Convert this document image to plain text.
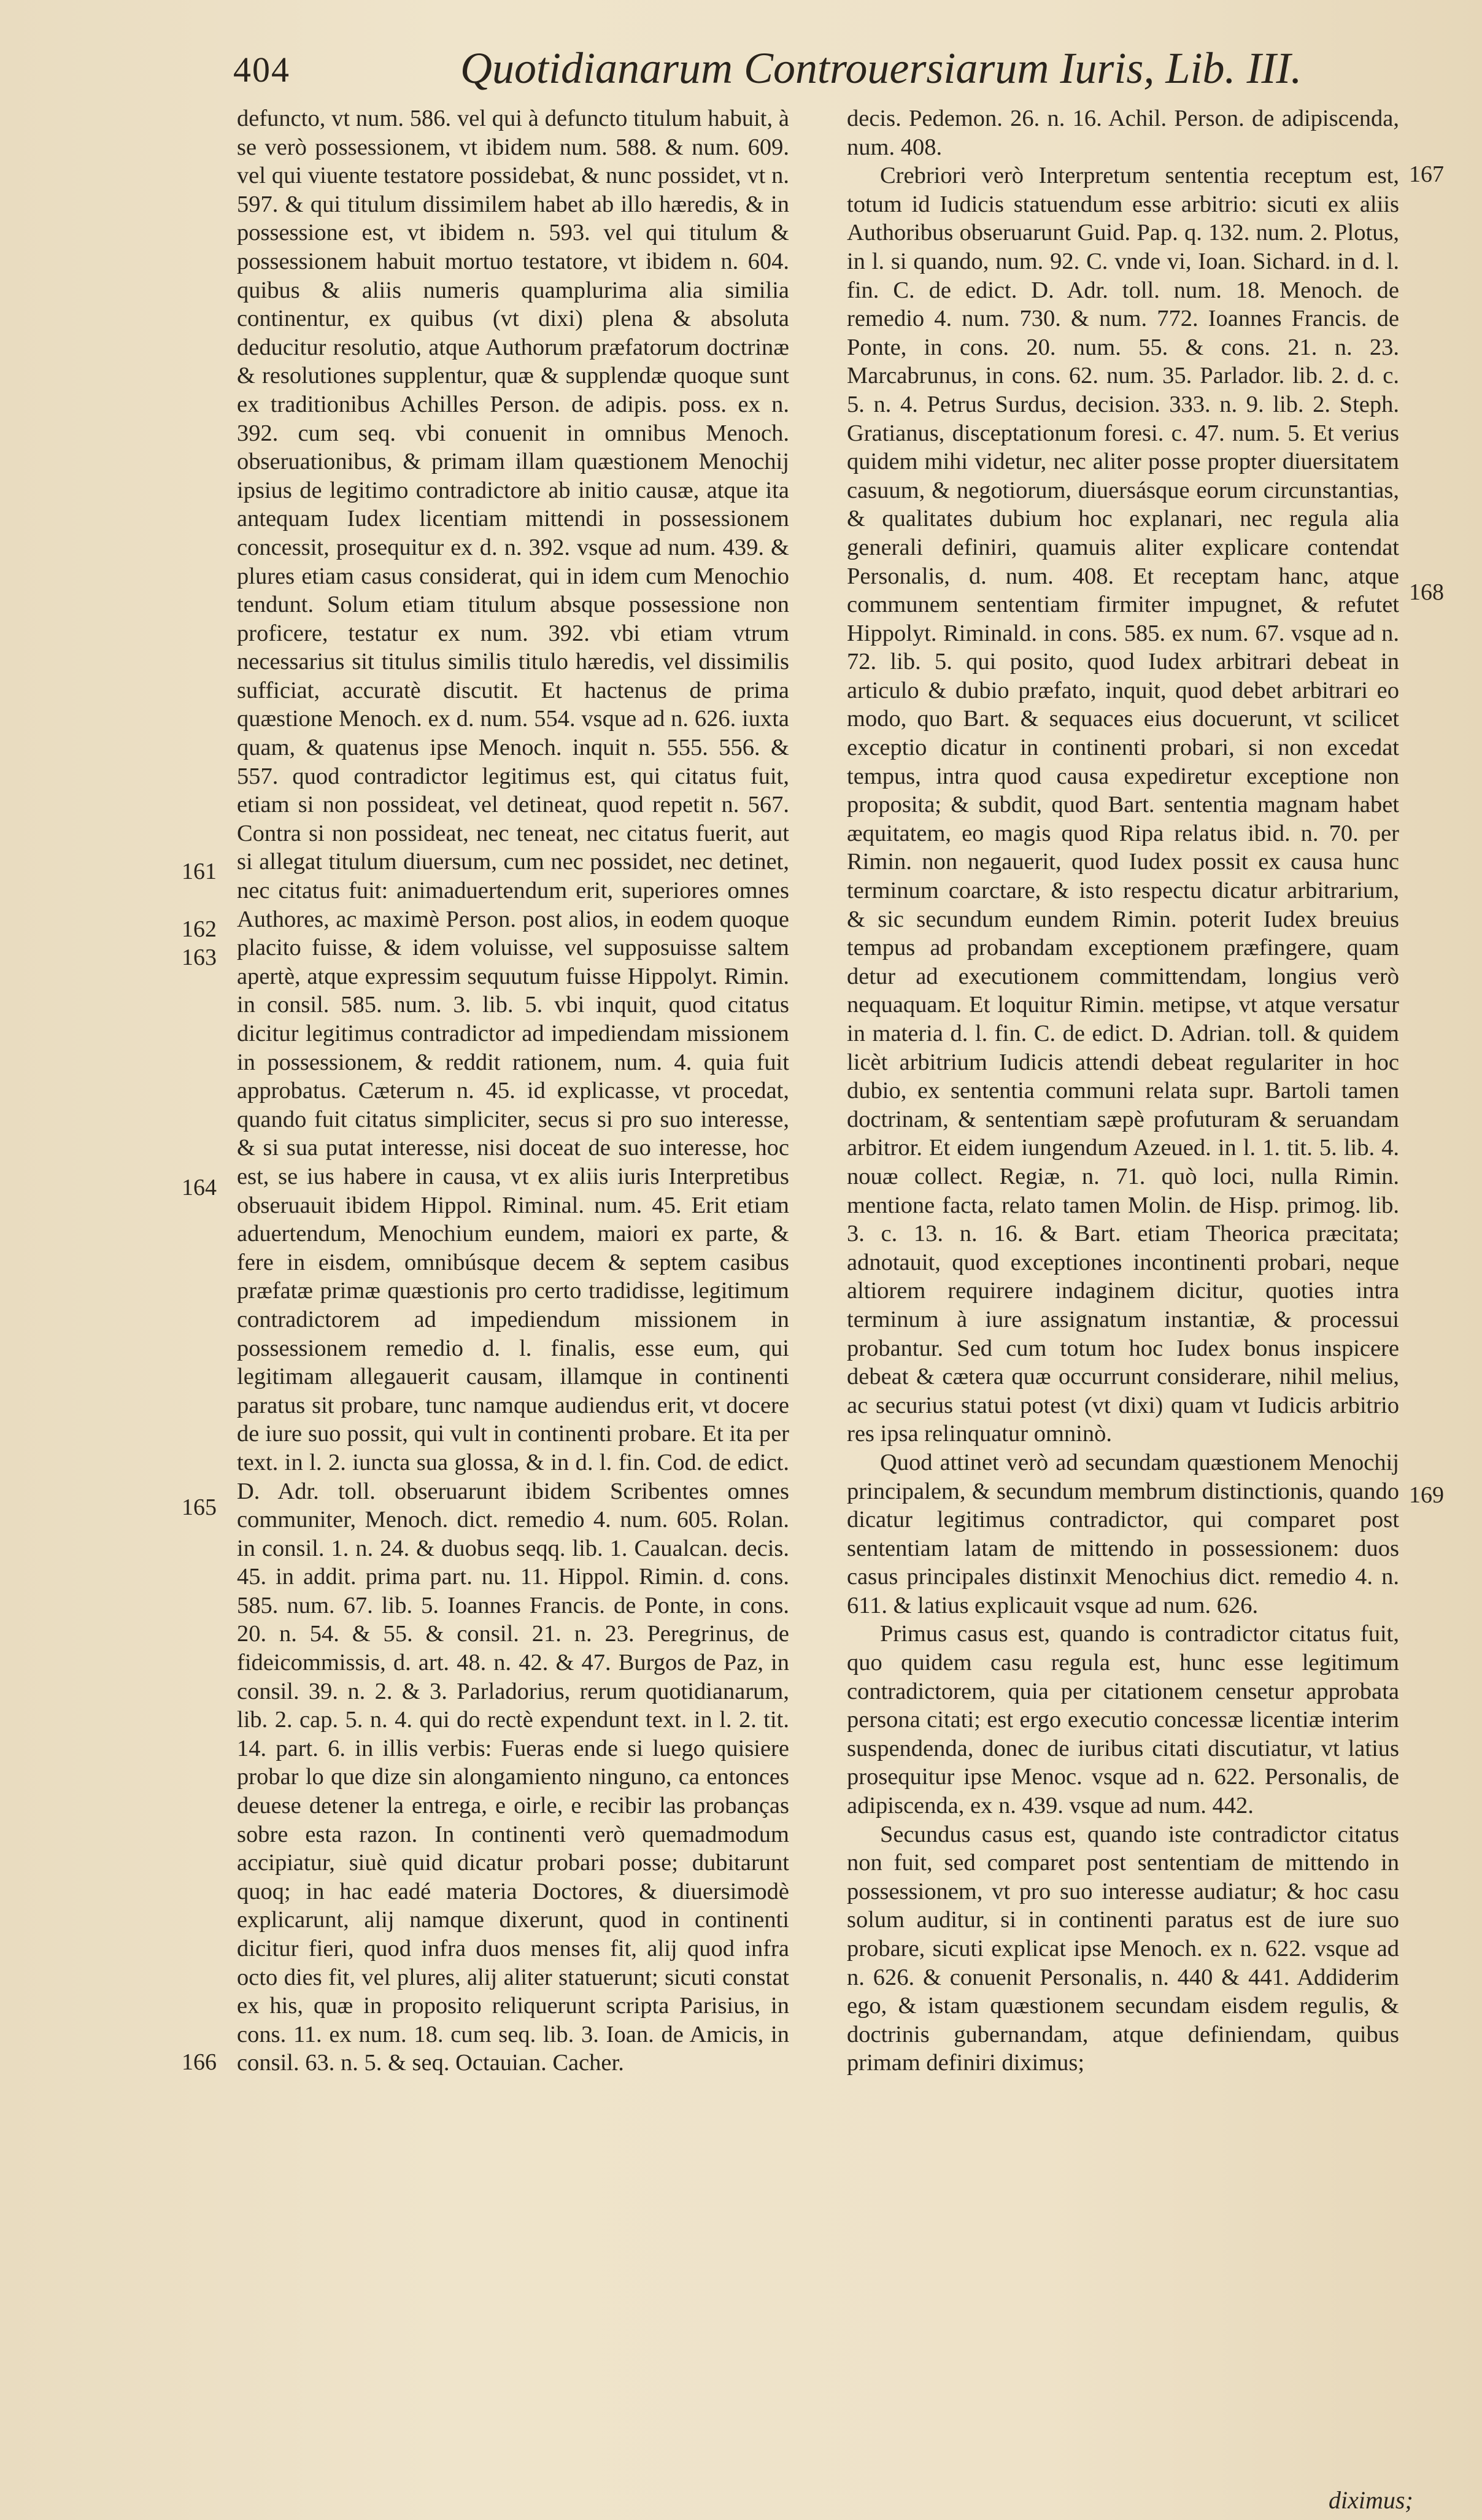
404	Quotidianarum Controuersiarum Iuris, Lib. III.

defuncto, vt num. 586. vel qui à defuncto titulum habuit, à se verò possessionem, vt ibidem num. 588. & num. 609. vel qui viuente testatore possidebat, & nunc possidet, vt n. 597. & qui titulum dissimilem habet ab illo hæredis, & in possessione est, vt ibidem n. 593. vel qui titulum & possessionem habuit mortuo testatore, vt ibidem n. 604. quibus & aliis numeris quamplurima alia similia continentur, ex quibus (vt dixi) plena & absoluta deducitur resolutio, atque Authorum præfatorum doctrinæ & resolutiones supplentur, quæ & supplendæ quoque sunt ex traditionibus Achilles Person. de adipis. poss. ex n. 392. cum seq. vbi conuenit in omnibus Menoch. obseruationibus, & primam illam quæstionem Menochij ipsius de legitimo contradictore ab initio causæ, atque ita antequam Iudex licentiam mittendi in possessionem concessit, prosequitur ex d. n. 392. vsque ad num. 439. & plures etiam casus considerat, qui in idem cum Menochio tendunt. Solum etiam titulum absque possessione non proficere, testatur ex num. 392. vbi etiam vtrum necessarius sit titulus similis titulo hæredis, vel dissimilis sufficiat, accuratè discutit. Et hactenus de prima quæstione Menoch. ex d. num. 554. vsque ad n. 626. iuxta quam, & quatenus ipse Menoch. inquit n. 555. 556. & 557. quod contradictor legitimus est, qui citatus fuit, etiam si non possideat, vel detineat, quod repetit n. 567. Contra si non possideat, nec teneat, nec citatus fuerit, aut si allegat titulum diuersum, cum nec possidet, nec detinet, nec citatus fuit: animaduertendum erit, superiores omnes Authores, ac maximè Person. post alios, in eodem quoque placito fuisse, & idem voluisse, vel supposuisse saltem apertè, atque expressim sequutum fuisse Hippolyt. Rimin. in consil. 585. num. 3. lib. 5. vbi inquit, quod citatus dicitur legitimus contradictor ad impediendam missionem in possessionem, & reddit rationem, num. 4. quia fuit approbatus. Cæterum n. 45. id explicasse, vt procedat, quando fuit citatus simpliciter, secus si pro suo interesse, & si sua putat interesse, nisi doceat de suo interesse, hoc est, se ius habere in causa, vt ex aliis iuris Interpretibus obseruauit ibidem Hippol. Riminal. num. 45. Erit etiam aduertendum, Menochium eundem, maiori ex parte, & fere in eisdem, omnibúsque decem & septem casibus præfatæ primæ quæstionis pro certo tradidisse, legitimum contradictorem ad impediendum missionem in possessionem remedio d. l. finalis, esse eum, qui legitimam allegauerit causam, illamque in continenti paratus sit probare, tunc namque audiendus erit, vt docere de iure suo possit, qui vult in continenti probare. Et ita per text. in l. 2. iuncta sua glossa, & in d. l. fin. Cod. de edict. D. Adr. toll. obseruarunt ibidem Scribentes omnes communiter, Menoch. dict. remedio 4. num. 605. Rolan. in consil. 1. n. 24. & duobus seqq. lib. 1. Caualcan. decis. 45. in addit. prima part. nu. 11. Hippol. Rimin. d. cons. 585. num. 67. lib. 5. Ioannes Francis. de Ponte, in cons. 20. n. 54. & 55. & consil. 21. n. 23. Peregrinus, de fideicommissis, d. art. 48. n. 42. & 47. Burgos de Paz, in consil. 39. n. 2. & 3. Parladorius, rerum quotidianarum, lib. 2. cap. 5. n. 4. qui do rectè expendunt text. in l. 2. tit. 14. part. 6. in illis verbis: Fueras ende si luego quisiere probar lo que dize sin alongamiento ninguno, ca entonces deuese detener la entrega, e oirle, e recibir las probanças sobre esta razon. In continenti verò quemadmodum accipiatur, siuè quid dicatur probari posse; dubitarunt quoq; in hac eadé materia Doctores, & diuersimodè explicarunt, alij namque dixerunt, quod in continenti dicitur fieri, quod infra duos menses fit, alij quod infra octo dies fit, vel plures, alij aliter statuerunt; sicuti constat ex his, quæ in proposito reliquerunt scripta Parisius, in cons. 11. ex num. 18. cum seq. lib. 3. Ioan. de Amicis, in consil. 63. n. 5. & seq. Octauian. Cacher.

decis. Pedemon. 26. n. 16. Achil. Person. de adipiscenda, num. 408.

Crebriori verò Interpretum sententia receptum est, totum id Iudicis statuendum esse arbitrio: sicuti ex aliis Authoribus obseruarunt Guid. Pap. q. 132. num. 2. Plotus, in l. si quando, num. 92. C. vnde vi, Ioan. Sichard. in d. l. fin. C. de edict. D. Adr. toll. num. 18. Menoch. de remedio 4. num. 730. & num. 772. Ioannes Francis. de Ponte, in cons. 20. num. 55. & cons. 21. n. 23. Marcabrunus, in cons. 62. num. 35. Parlador. lib. 2. d. c. 5. n. 4. Petrus Surdus, decision. 333. n. 9. lib. 2. Steph. Gratianus, disceptationum foresi. c. 47. num. 5. Et verius quidem mihi videtur, nec aliter posse propter diuersitatem casuum, & negotiorum, diuersásque eorum circunstantias, & qualitates dubium hoc explanari, nec regula alia generali definiri, quamuis aliter explicare contendat Personalis, d. num. 408. Et receptam hanc, atque communem sententiam firmiter impugnet, & refutet Hippolyt. Riminald. in cons. 585. ex num. 67. vsque ad n. 72. lib. 5. qui posito, quod Iudex arbitrari debeat in articulo & dubio præfato, inquit, quod debet arbitrari eo modo, quo Bart. & sequaces eius docuerunt, vt scilicet exceptio dicatur in continenti probari, si non excedat tempus, intra quod causa expediretur exceptione non proposita; & subdit, quod Bart. sententia magnam habet æquitatem, eo magis quod Ripa relatus ibid. n. 70. per Rimin. non negauerit, quod Iudex possit ex causa hunc terminum coarctare, & isto respectu dicatur arbitrarium, & sic secundum eundem Rimin. poterit Iudex breuius tempus ad probandam exceptionem præfingere, quam detur ad executionem committendam, longius verò nequaquam. Et loquitur Rimin. metipse, vt atque versatur in materia d. l. fin. C. de edict. D. Adrian. toll. & quidem licèt arbitrium Iudicis attendi debeat regulariter in hoc dubio, ex sententia communi relata supr. Bartoli tamen doctrinam, & sententiam sæpè profuturam & seruandam arbitror. Et eidem iungendum Azeued. in l. 1. tit. 5. lib. 4. nouæ collect. Regiæ, n. 71. quò loci, nulla Rimin. mentione facta, relato tamen Molin. de Hisp. primog. lib. 3. c. 13. n. 16. & Bart. etiam Theorica præcitata; adnotauit, quod exceptiones incontinenti probari, neque altiorem requirere indaginem dicitur, quoties intra terminum à iure assignatum instantiæ, & processui probantur. Sed cum totum hoc Iudex bonus inspicere debeat & cætera quæ occurrunt considerare, nihil melius, ac securius statui potest (vt dixi) quam vt Iudicis arbitrio res ipsa relinquatur omninò.

Quod attinet verò ad secundam quæstionem Menochij principalem, & secundum membrum distinctionis, quando dicatur legitimus contradictor, qui comparet post sententiam latam de mittendo in possessionem: duos casus principales distinxit Menochius dict. remedio 4. n. 611. & latius explicauit vsque ad num. 626.

Primus casus est, quando is contradictor citatus fuit, quo quidem casu regula est, hunc esse legitimum contradictorem, quia per citationem censetur approbata persona citati; est ergo executio concessæ licentiæ interim suspendenda, donec de iuribus citati discutiatur, vt latius prosequitur ipse Menoc. vsque ad n. 622. Personalis, de adipiscenda, ex n. 439. vsque ad num. 442.

Secundus casus est, quando iste contradictor citatus non fuit, sed comparet post sententiam de mittendo in possessionem, vt pro suo interesse audiatur; & hoc casu solum auditur, si in continenti paratus est de iure suo probare, sicuti explicat ipse Menoch. ex n. 622. vsque ad n. 626. & conuenit Personalis, n. 440 & 441. Addiderim ego, & istam quæstionem secundam eisdem regulis, & doctrinis gubernandam, atque definiendam, quibus primam definiri diximus;

161
162
163
164
165
166
167
168
169
diximus;
